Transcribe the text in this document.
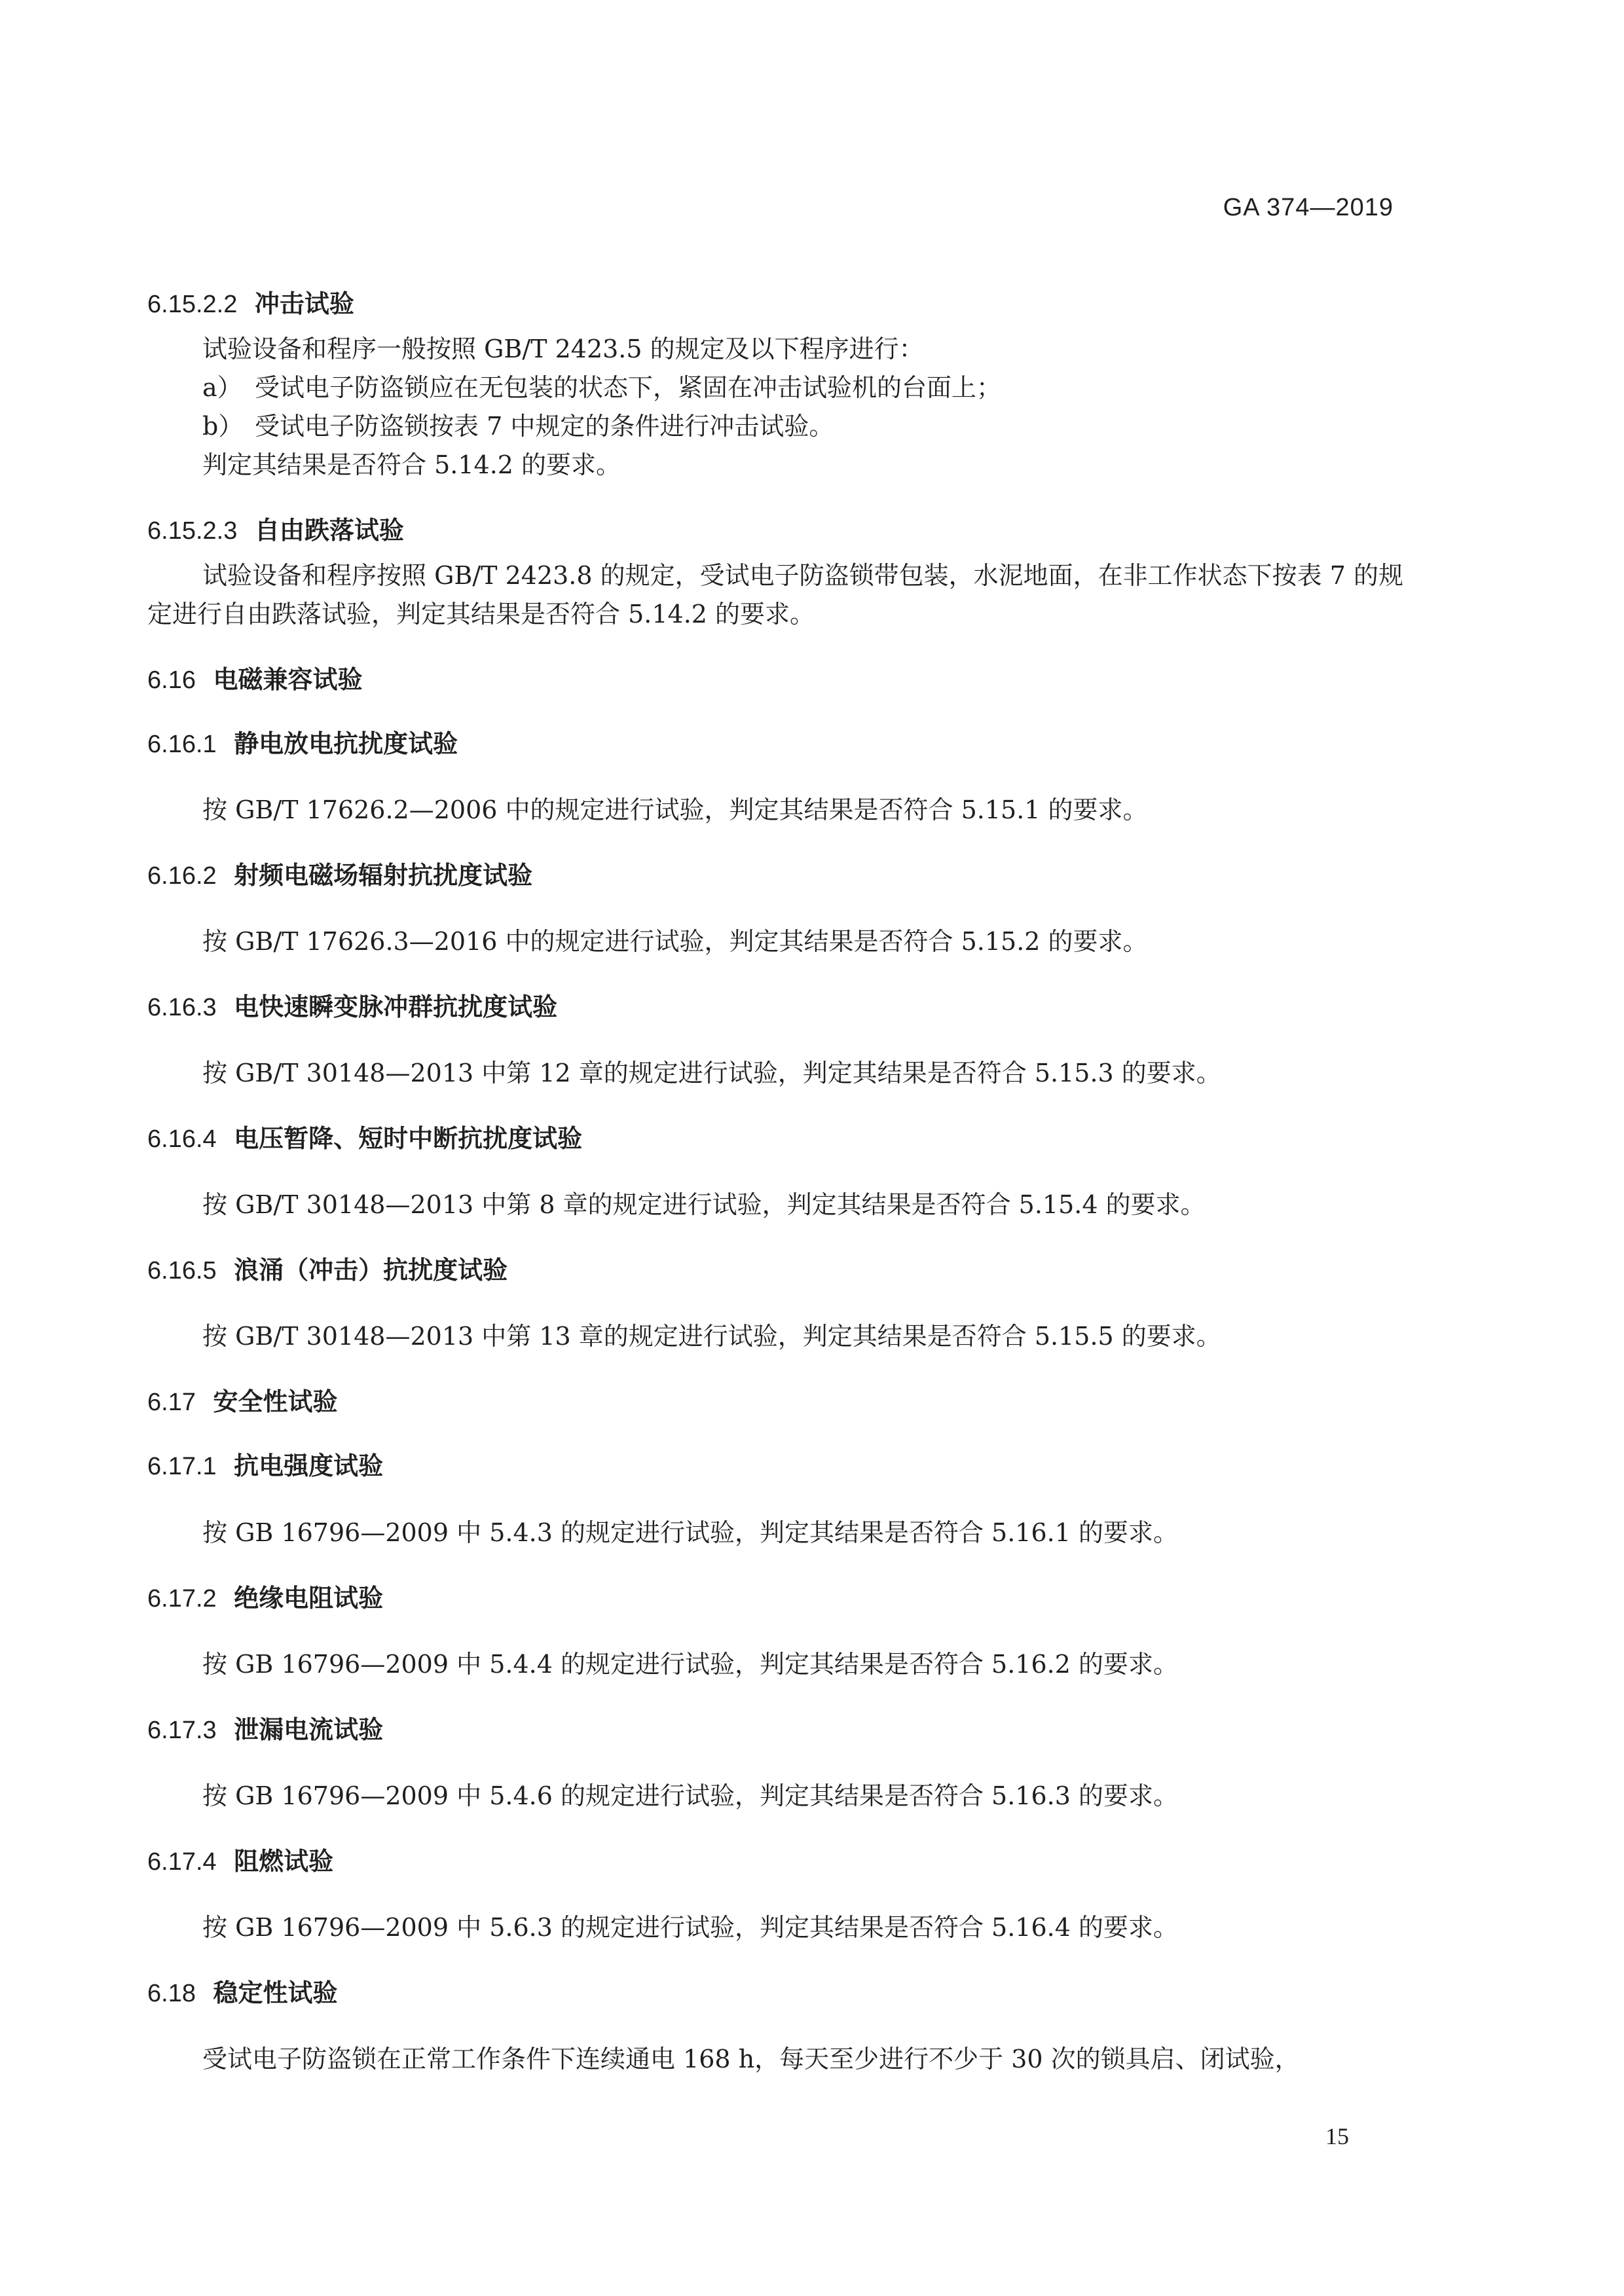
GA 374—2019
6.15.2.2 冲击试验

试验设备和程序一般按照 GB/T 2423.5 的规定及以下程序进行：

a） 受试电子防盗锁应在无包装的状态下，紧固在冲击试验机的台面上；

b） 受试电子防盗锁按表 7 中规定的条件进行冲击试验。

判定其结果是否符合 5.14.2 的要求。

6.15.2.3 自由跌落试验

试验设备和程序按照 GB/T 2423.8 的规定，受试电子防盗锁带包装，水泥地面，在非工作状态下按表 7 的规定进行自由跌落试验，判定其结果是否符合 5.14.2 的要求。

6.16 电磁兼容试验
6.16.1 静电放电抗扰度试验

按 GB/T 17626.2—2006 中的规定进行试验，判定其结果是否符合 5.15.1 的要求。

6.16.2 射频电磁场辐射抗扰度试验

按 GB/T 17626.3—2016 中的规定进行试验，判定其结果是否符合 5.15.2 的要求。

6.16.3 电快速瞬变脉冲群抗扰度试验

按 GB/T 30148—2013 中第 12 章的规定进行试验，判定其结果是否符合 5.15.3 的要求。

6.16.4 电压暂降、短时中断抗扰度试验

按 GB/T 30148—2013 中第 8 章的规定进行试验，判定其结果是否符合 5.15.4 的要求。

6.16.5 浪涌（冲击）抗扰度试验

按 GB/T 30148—2013 中第 13 章的规定进行试验，判定其结果是否符合 5.15.5 的要求。

6.17 安全性试验
6.17.1 抗电强度试验

按 GB 16796—2009 中 5.4.3 的规定进行试验，判定其结果是否符合 5.16.1 的要求。

6.17.2 绝缘电阻试验

按 GB 16796—2009 中 5.4.4 的规定进行试验，判定其结果是否符合 5.16.2 的要求。

6.17.3 泄漏电流试验

按 GB 16796—2009 中 5.4.6 的规定进行试验，判定其结果是否符合 5.16.3 的要求。

6.17.4 阻燃试验

按 GB 16796—2009 中 5.6.3 的规定进行试验，判定其结果是否符合 5.16.4 的要求。

6.18 稳定性试验

受试电子防盗锁在正常工作条件下连续通电 168 h，每天至少进行不少于 30 次的锁具启、闭试验，

15
